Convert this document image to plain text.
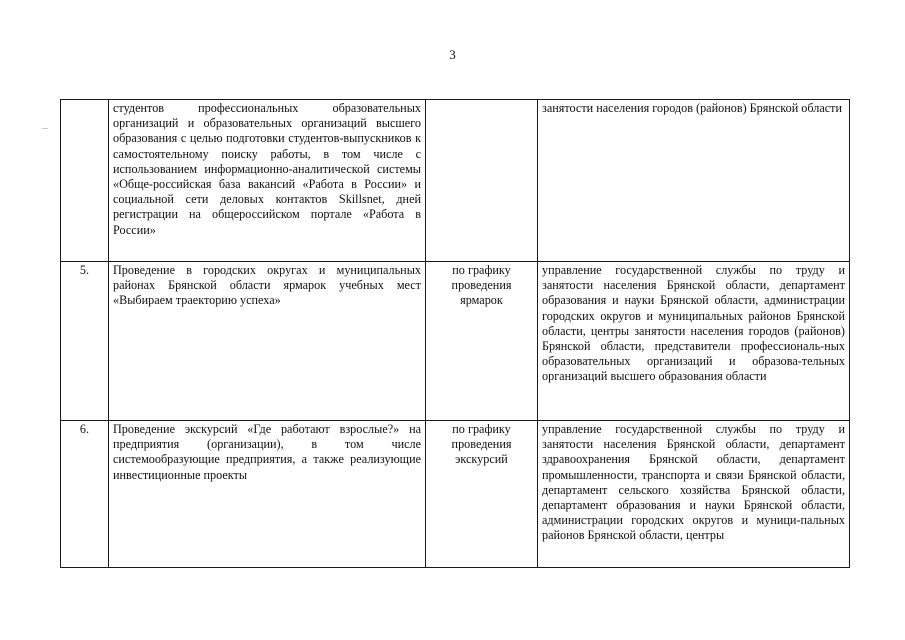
3
	студентов профессиональных образовательных организаций и образовательных организаций высшего образования с целью подготовки студентов-выпускников к самостоятельному поиску работы, в том числе с использованием информационно-аналитической системы «Обще-российская база вакансий «Работа в России» и социальной сети деловых контактов Skillsnet, дней регистрации на общероссийском портале «Работа в России»		занятости населения городов (районов) Брянской области
5.	Проведение в городских округах и муниципальных районах Брянской области ярмарок учебных мест «Выбираем траекторию успеха»	по графику проведения ярмарок	управление государственной службы по труду и занятости населения Брянской области, департамент образования и науки Брянской области, администрации городских округов и муниципальных районов Брянской области, центры занятости населения городов (районов) Брянской области, представители профессиональ-ных образовательных организаций и образова-тельных организаций высшего образования области
6.	Проведение экскурсий «Где работают взрослые?» на предприятия (организации), в том числе системообразующие предприятия, а также реализующие инвестиционные проекты	по графику проведения экскурсий	управление государственной службы по труду и занятости населения Брянской области, департамент здравоохранения Брянской области, департамент промышленности, транспорта и связи Брянской области, департамент сельского хозяйства Брянской области, департамент образования и науки Брянской области, администрации городских округов и муници-пальных районов Брянской области, центры
